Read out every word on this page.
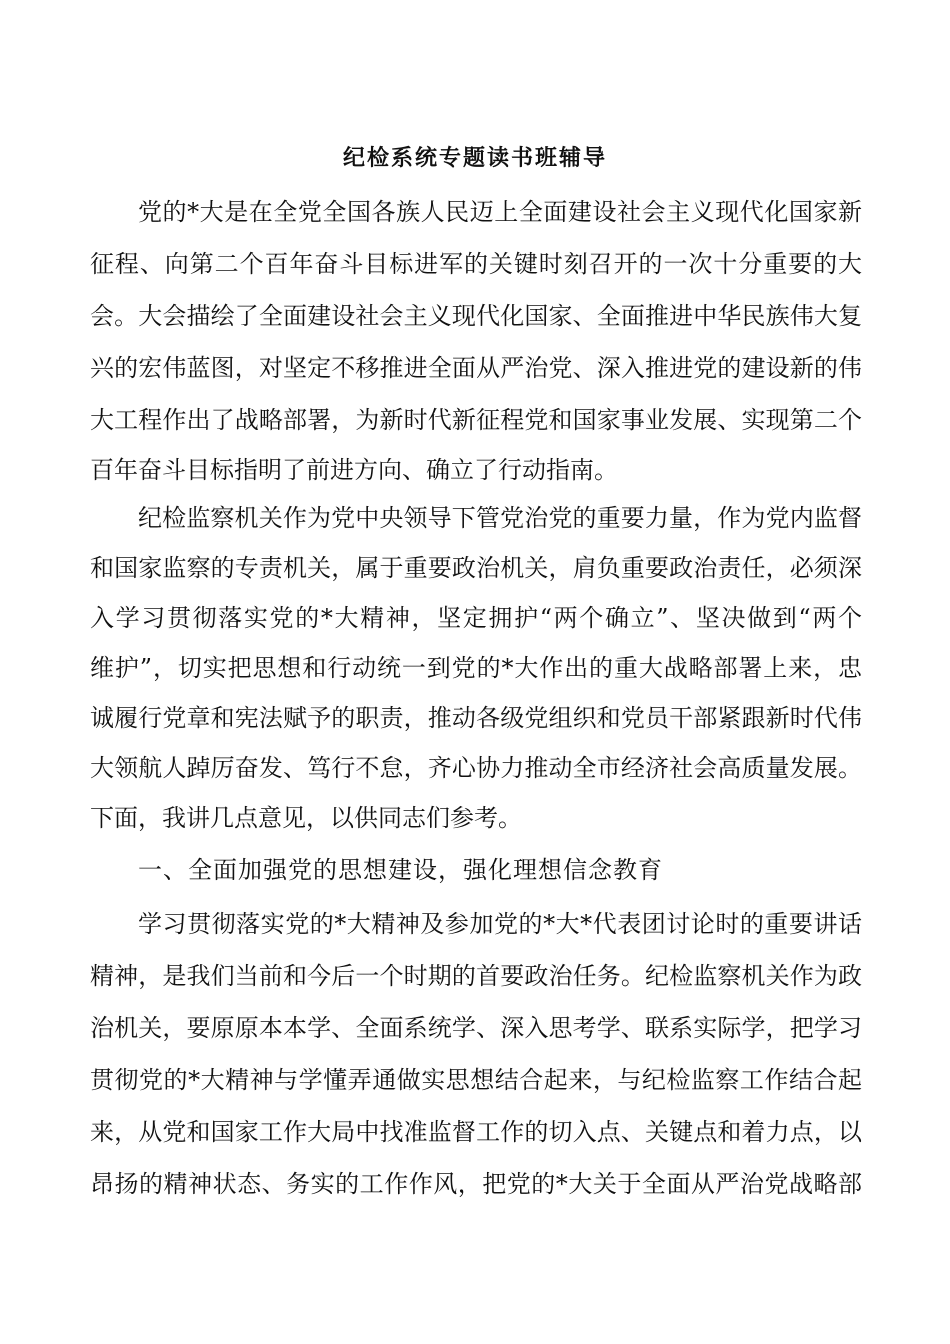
纪检系统专题读书班辅导
党的*大是在全党全国各族人民迈上全面建设社会主义现代化国家新
征程、向第二个百年奋斗目标进军的关键时刻召开的一次十分重要的大
会。大会描绘了全面建设社会主义现代化国家、全面推进中华民族伟大复
兴的宏伟蓝图，对坚定不移推进全面从严治党、深入推进党的建设新的伟
大工程作出了战略部署，为新时代新征程党和国家事业发展、实现第二个
百年奋斗目标指明了前进方向、确立了行动指南。
纪检监察机关作为党中央领导下管党治党的重要力量，作为党内监督
和国家监察的专责机关，属于重要政治机关，肩负重要政治责任，必须深
入学习贯彻落实党的*大精神，坚定拥护“两个确立”、坚决做到“两个
维护”，切实把思想和行动统一到党的*大作出的重大战略部署上来，忠
诚履行党章和宪法赋予的职责，推动各级党组织和党员干部紧跟新时代伟
大领航人踔厉奋发、笃行不怠，齐心协力推动全市经济社会高质量发展。
下面，我讲几点意见，以供同志们参考。
一、全面加强党的思想建设，强化理想信念教育
学习贯彻落实党的*大精神及参加党的*大*代表团讨论时的重要讲话
精神，是我们当前和今后一个时期的首要政治任务。纪检监察机关作为政
治机关，要原原本本学、全面系统学、深入思考学、联系实际学，把学习
贯彻党的*大精神与学懂弄通做实思想结合起来，与纪检监察工作结合起
来，从党和国家工作大局中找准监督工作的切入点、关键点和着力点，以
昂扬的精神状态、务实的工作作风，把党的*大关于全面从严治党战略部
